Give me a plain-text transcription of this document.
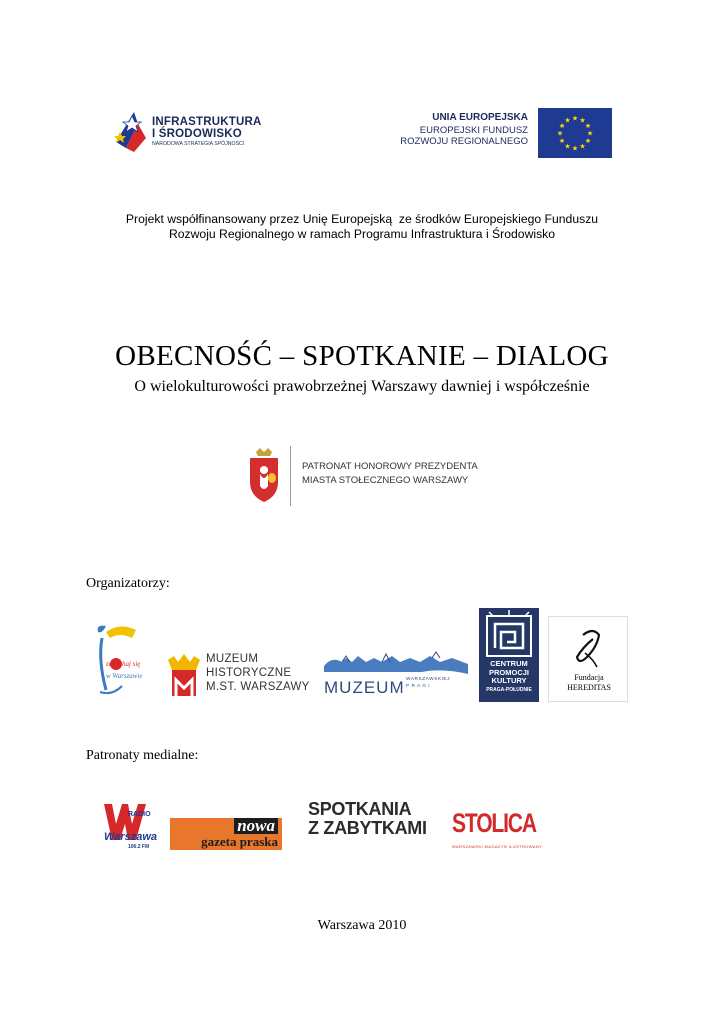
INFRASTRUKTURA
I ŚRODOWISKO
NARODOWA STRATEGIA SPÓJNOŚCI
UNIA EUROPEJSKA
EUROPEJSKI FUNDUSZ
ROZWOJU REGIONALNEGO
★
★
★
★
★
★
★
★
★ ★ ★
★
Projekt współfinansowany przez Unię Europejską  ze środków Europejskiego Funduszu
Rozwoju Regionalnego w ramach Programu Infrastruktura i Środowisko
OBECNOŚĆ – SPOTKANIE – DIALOG
O wielokulturowości prawobrzeżnej Warszawy dawniej i współcześnie
PATRONAT HONOROWY PREZYDENTA
MIASTA STOŁECZNEGO WARSZAWY
Organizatorzy:
zakochaj się
w Warszawie
MUZEUM
HISTORYCZNE
M.ST. WARSZAWY MUZEUM WARSZAWSKIEJ
P R A G I
CENTRUM
PROMOCJI
KULTURY
PRAGA-POŁUDNIE
Fundacja
HEREDITAS
Patronaty medialne:
RADIO
Warszawa
106.2 FM
nowa
gazeta praska
SPOTKANIA
Z ZABYTKAMI STOLICA
WARSZAWSKI MAGAZYN ILUSTROWANY
Warszawa 2010
